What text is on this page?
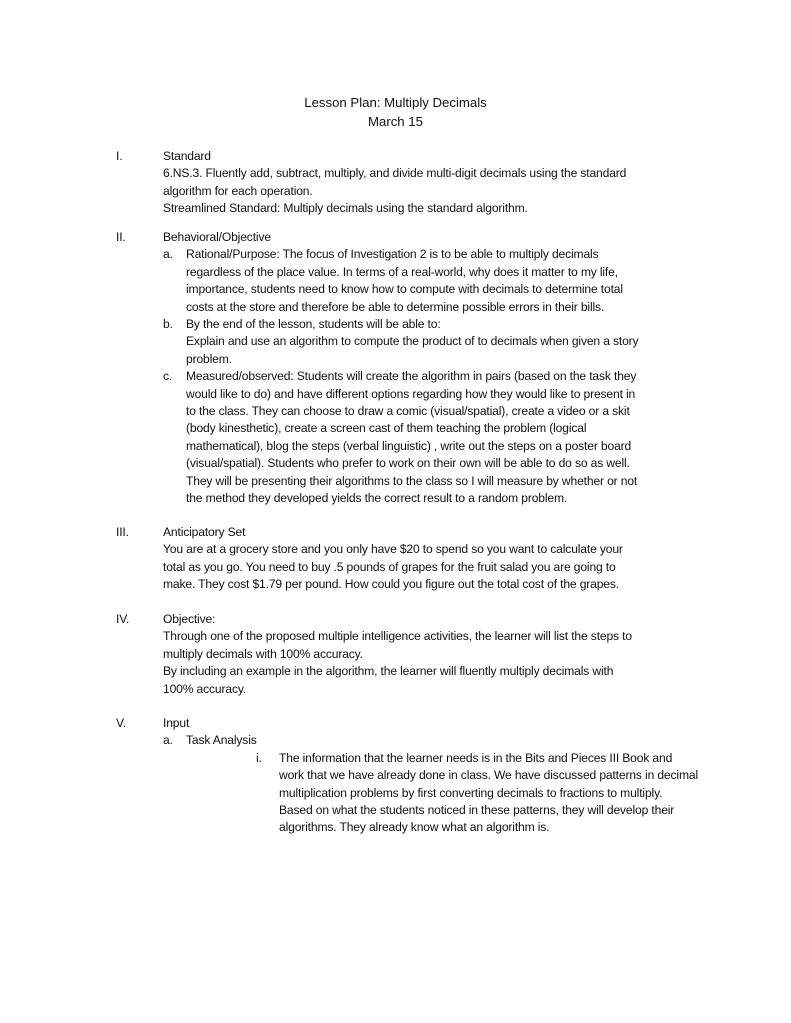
Lesson Plan: Multiply Decimals
March 15
I.	Standard
6.NS.3. Fluently add, subtract, multiply, and divide multi-digit decimals using the standard
algorithm for each operation.
Streamlined Standard: Multiply decimals using the standard algorithm.
II.	Behavioral/Objective
a. Rational/Purpose: The focus of Investigation 2 is to be able to multiply decimals
regardless of the place value. In terms of a real-world, why does it matter to my life,
importance, students need to know how to compute with decimals to determine total
costs at the store and therefore be able to determine possible errors in their bills.
b. By the end of the lesson, students will be able to:
Explain and use an algorithm to compute the product of to decimals when given a story
problem.
c. Measured/observed: Students will create the algorithm in pairs (based on the task they
would like to do) and have different options regarding how they would like to present in
to the class. They can choose to draw a comic (visual/spatial), create a video or a skit
(body kinesthetic), create a screen cast of them teaching the problem (logical
mathematical), blog the steps (verbal linguistic) , write out the steps on a poster board
(visual/spatial). Students who prefer to work on their own will be able to do so as well.
They will be presenting their algorithms to the class so I will measure by whether or not
the method they developed yields the correct result to a random problem.
III.	Anticipatory Set
You are at a grocery store and you only have $20 to spend so you want to calculate your
total as you go. You need to buy .5 pounds of grapes for the fruit salad you are going to
make. They cost $1.79 per pound. How could you figure out the total cost of the grapes.
IV.	Objective:
Through one of the proposed multiple intelligence activities, the learner will list the steps to
multiply decimals with 100% accuracy.
By including an example in the algorithm, the learner will fluently multiply decimals with
100% accuracy.
V.	Input
a. Task Analysis
i. The information that the learner needs is in the Bits and Pieces III Book and
work that we have already done in class. We have discussed patterns in decimal
multiplication problems by first converting decimals to fractions to multiply.
Based on what the students noticed in these patterns, they will develop their
algorithms. They already know what an algorithm is.
